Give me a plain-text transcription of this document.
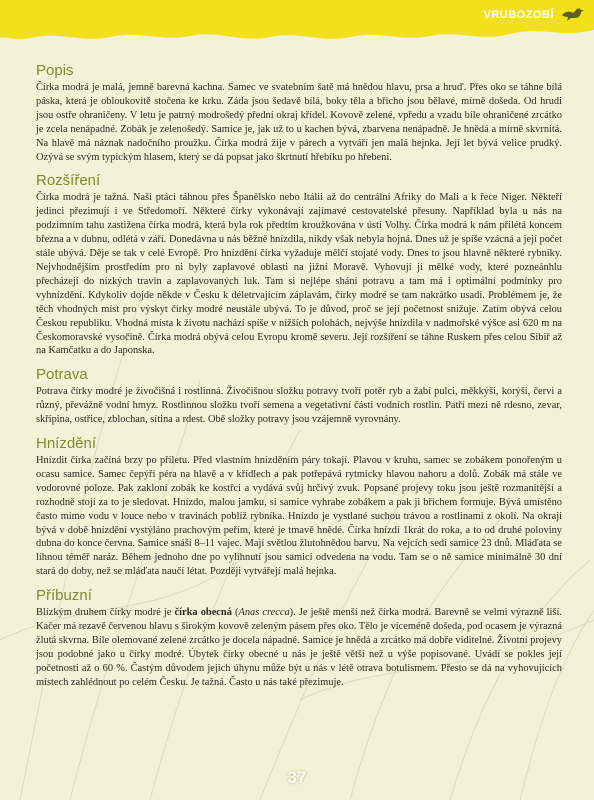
VRUBOZOBÍ
Popis

Čírka modrá je malá, jemně barevná kachna. Samec ve svatebním šatě má hnědou hlavu, prsa a hruď. Přes oko se táhne bílá páska, která je obloukovitě stočena ke krku. Záda jsou šedavě bílá, boky těla a břicho jsou bělavé, mírně došeda. Od hrudi jsou ostře ohraničeny. V letu je patrný modrošedý přední okraj křídel. Kovově zelené, vpředu a vzadu bíle ohraničené zrcátko je zcela nenápadné. Zobák je zelenošedý. Samice je, jak už to u kachen bývá, zbarvena nenápadně. Je hnědá a mírně skvrnitá. Na hlavě má náznak nadočního proužku. Čírka modrá žije v párech a vytváří jen malá hejnka. Její let bývá velice prudký. Ozývá se svým typickým hlasem, který se dá popsat jako škrtnutí hřebíku po hřebeni.

Rozšíření

Čírka modrá je tažná. Naši ptáci táhnou přes Španělsko nebo Itálii až do centrální Afriky do Mali a k řece Niger. Někteří jedinci přezimují i ve Středomoří. Některé čírky vykonávají zajímavé cestovatelské přesuny. Například byla u nás na podzimním tahu zastižena čírka modrá, která byla rok předtím kroužkována v ústí Volhy. Čírka modrá k nám přilétá koncem března a v dubnu, odlétá v září. Donedávna u nás běžně hnízdila, nikdy však nebyla hojná. Dnes už je spíše vzácná a její počet stále ubývá. Děje se tak v celé Evropě. Pro hnízdění čírka vyžaduje mělčí stojaté vody. Dnes to jsou hlavně některé rybníky. Nejvhodnějším prostředím pro ni byly zaplavové oblasti na jižní Moravě. Vyhovují jí mělké vody, které pozneánhlu přecházejí do nízkých travin a zaplavovaných luk. Tam si nejlépe shání potravu a tam má i optimální podmínky pro vyhnízdění. Kdykoliv dojde někde v Česku k déletrvajícím záplavám, čírky modré se tam nakrátko usadí. Problémem je, že těch vhodných míst pro výskyt čírky modré neustále ubývá. To je důvod, proč se její početnost snižuje. Zatím obývá celou Českou republiku. Vhodná místa k životu nachází spíše v nížších polohách, nejvýše hnízdila v nadmořské výšce asi 620 m na Českomoravské vysočině. Čírka modrá obývá celou Evropu kromě severu. Její rozšíření se táhne Ruskem přes celou Sibiř až na Kamčatku a do Japonska.

Potrava

Potrava čírky modré je živočišná i rostlinná. Živočišnou složku potravy tvoří potěr ryb a žabí pulci, měkkýši, korýši, červi a různý, převážně vodní hmyz. Rostlinnou složku tvoří semena a vegetativní části vodních rostlin. Patří mezi ně rdesno, zevar, skřípina, ostřice, zblochan, sítina a rdest. Obě složky potravy jsou vzájemně vyrovnány.

Hnízdění

Hnízdit čírka začíná brzy po příletu. Před vlastním hnízděním páry tokají. Plavou v kruhu, samec se zobákem ponořeným u ocasu samice. Samec čepýří péra na hlavě a v křídlech a pak potřepává rytmicky hlavou nahoru a dolů. Zobák má stále ve vodorovné poloze. Pak zakloní zobák ke kostřci a vydává svůj hrčivý zvuk. Popsané projevy toku jsou ještě rozmanitější a rozhodně stojí za to je sledovat. Hnízdo, malou jamku, si samice vyhrabe zobákem a pak ji břichem formuje. Bývá umístěno často mimo vodu v louce nebo v travinách poblíž rybníka. Hnízdo je vystlané suchou trávou a rostlinami z okolí. Na okraji bývá v době hnízdění vystýláno prachovým peřím, které je tmavě hnědé. Čírka hnízdí 1krát do roka, a to od druhé poloviny dubna do konce června. Samice snáší 8–11 vajec. Mají světlou žlutohnědou barvu. Na vejcích sedí samice 23 dnů. Mláďata se líhnou téměř naráz. Během jednoho dne po vylíhnutí jsou samicí odvedena na vodu. Tam se o ně samice minimálně 30 dní stará do doby, než se mláďata naučí létat. Později vytvářejí malá hejnka.

Příbuzní

Blízkým druhem čírky modré je čírka obecná (Anas crecca). Je ještě menší než čírka modrá. Barevně se velmi výrazně liší. Kačer má rezavě červenou hlavu s širokým kovově zeleným pásem přes oko. Tělo je víceméně došeda, pod ocasem je výrazná žlutá skvrna. Bíle olemované zelené zrcátko je docela nápadné. Samice je hnědá a zrcátko má dobře viditelné. Životní projevy jsou podobné jako u čírky modré. Úbytek čírky obecné u nás je ještě větší než u výše popisované. Uvádí se pokles její početnosti až o 60 %. Častým důvodem jejich úhynu může být u nás v létě otrava botulismem. Přesto se dá na vyhovujících místech zahlédnout po celém Česku. Je tažná. Často u nás také přezimuje.

37
